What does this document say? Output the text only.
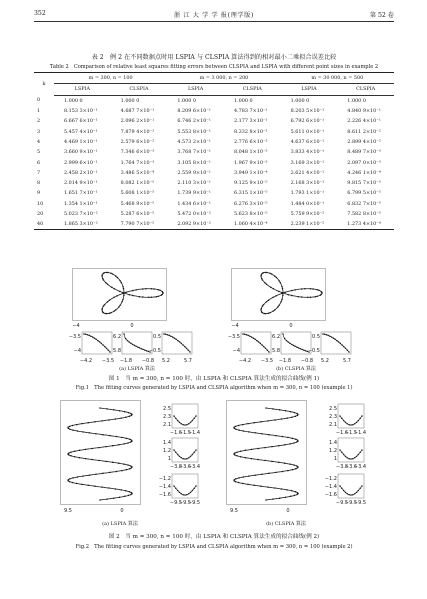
352	浙 江 大 学 学 报(理学版)	第 52 卷
表 2　例 2 在不同数据点时用 LSPIA 与 CLSPIA 算法得到的相对最小二乘拟合误差比较
Table 2　Comparison of relative least squares fitting errors between CLSPIA and LSPIA with different point sizes in example 2
k	m = 300, n = 100		m = 3 000, n = 200		m = 30 000, n = 500	
	LSPIA	CLSPIA	LSPIA	CLSPIA	LSPIA	CLSPIA
0	1.000 0	1.000 0	1.000 0	1.000 0	1.000 0	1.000 0
1	8.153 3×10⁻¹	4.687 7×10⁻¹	8.209 6×10⁻¹	4.783 7×10⁻¹	8.203 5×10⁻¹	4.840 9×10⁻¹
2	6.667 6×10⁻¹	2.096 2×10⁻¹	6.746 2×10⁻¹	2.177 3×10⁻¹	6.792 6×10⁻¹	2.226 4×10⁻¹
3	5.457 4×10⁻¹	7.879 4×10⁻²	5.553 8×10⁻¹	8.332 8×10⁻²	5.611 0×10⁻¹	8.611 2×10⁻²
4	4.469 1×10⁻¹	2.579 6×10⁻²	4.573 2×10⁻¹	2.776 6×10⁻²	4.637 6×10⁻¹	2.899 4×10⁻²
5	3.660 9×10⁻¹	7.346 6×10⁻³	3.768 7×10⁻¹	8.048 1×10⁻³	3.833 4×10⁻¹	8.489 7×10⁻³
6	2.999 6×10⁻¹	1.764 7×10⁻³	3.105 8×10⁻¹	1.967 9×10⁻³	3.169 3×10⁻¹	2.097 0×10⁻³
7	2.458 2×10⁻¹	3.486 5×10⁻⁴	2.559 9×10⁻¹	3.949 1×10⁻⁴	2.621 4×10⁻¹	4.246 1×10⁻⁴
8	2.014 9×10⁻¹	8.082 1×10⁻⁵	2.110 3×10⁻¹	9.125 9×10⁻⁵	2.168 3×10⁻¹	9.815 7×10⁻⁵
9	1.651 7×10⁻¹	5.608 1×10⁻⁵	1.739 9×10⁻¹	6.315 1×10⁻⁵	1.793 1×10⁻¹	6.799 5×10⁻⁵
10	1.354 1×10⁻¹	5.468 9×10⁻⁵	1.434 6×10⁻¹	6.276 3×10⁻⁵	1.484 0×10⁻¹	6.832 7×10⁻⁵
20	5.023 7×10⁻²	5.287 6×10⁻⁵	5.472 0×10⁻²	5.623 8×10⁻⁵	5.759 9×10⁻²	7.582 8×10⁻⁵
40	1.865 3×10⁻²	7.790 7×10⁻⁵	2.092 9×10⁻²	1.060 4×10⁻⁴	2.239 1×10⁻²	1.273 4×10⁻⁴
−4	0
−3.5
−4
−4.2 −3.5
6.2
5.8
−1.8 −0.8
0.5
−0.5
5.2	5.7
−4	0
−3.5
−4
−4.2 −3.5
6.2
5.8
−1.8 −0.8
0.5
−0.5
5.2	5.7
(a) LSPIA 算法	(b) CLSPIA 算法
图 1　当 m = 300, n = 100 时，由 LSPIA 和 CLSPIA 算法生成的拟合曲线(例 1)
Fig.1　The fitting curves generated by LSPIA and CLSPIA algorithm when m = 300, n = 100 (example 1)
9.5	0
2.5
2.3
2.1
−1.6
−1.5
−1.4
1.4
1.2
1
−3.8
−3.6
−3.4
−1.2
−1.4
−1.6
−9.5
−9.5
−9.5
9.5	0
2.5
2.3
2.1
−1.6
−1.5
−1.4
1.4
1.2
1
−3.8
−3.6
−3.4
−1.2
−1.4
−1.6
−9.5
−9.5
−9.5
(a) LSPIA 算法	(b) CLSPIA 算法
图 2　当 m = 300, n = 100 时，由 LSPIA 和 CLSPIA 算法生成的拟合曲线(例 2)
Fig.2　The fitting curves generated by LSPIA and CLSPIA algorithm when m = 300, n = 100 (example 2)
